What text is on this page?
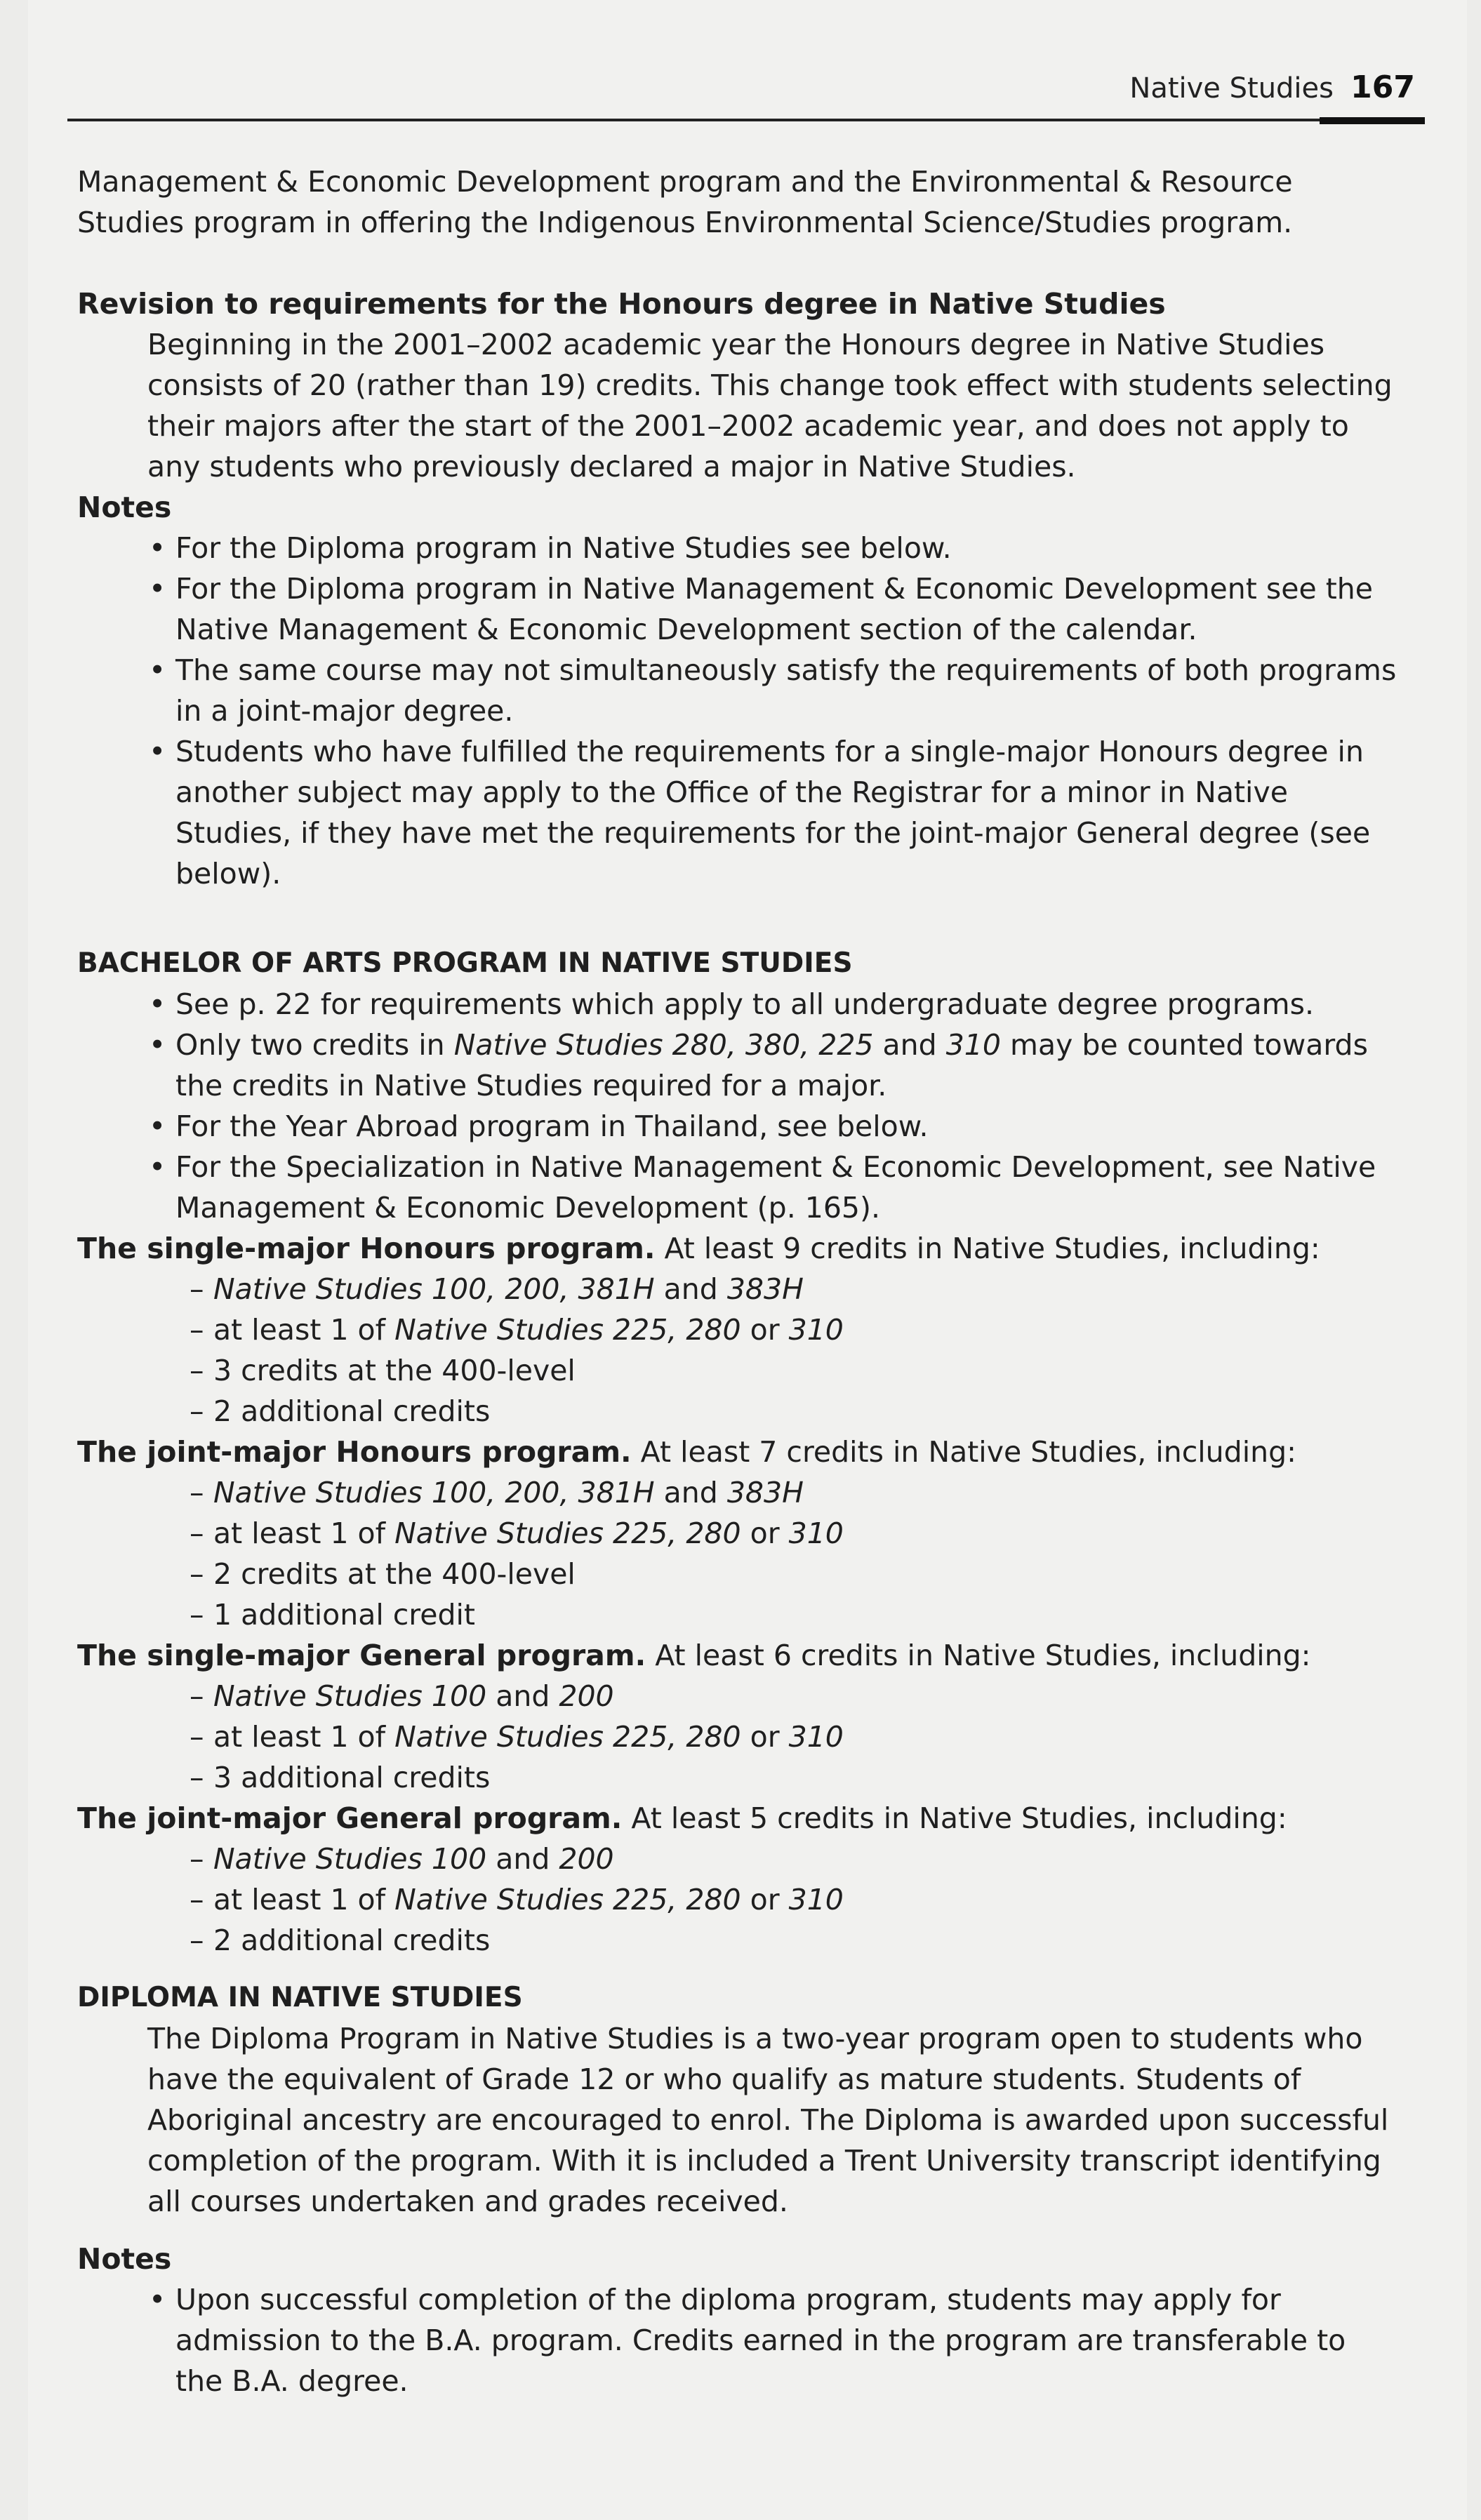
Native Studies 167

Management & Economic Development program and the Environmental & Resource Studies program in offering the Indigenous Environmental Science/Studies program.

Revision to requirements for the Honours degree in Native Studies

Beginning in the 2001–2002 academic year the Honours degree in Native Studies consists of 20 (rather than 19) credits. This change took effect with students selecting their majors after the start of the 2001–2002 academic year, and does not apply to any students who previously declared a major in Native Studies.

Notes

• For the Diploma program in Native Studies see below.
• For the Diploma program in Native Management & Economic Development see the Native Management & Economic Development section of the calendar.
• The same course may not simultaneously satisfy the requirements of both programs in a joint-major degree.
• Students who have fulfilled the requirements for a single-major Honours degree in another subject may apply to the Office of the Registrar for a minor in Native Studies, if they have met the requirements for the joint-major General degree (see below).

BACHELOR OF ARTS PROGRAM IN NATIVE STUDIES

• See p. 22 for requirements which apply to all undergraduate degree programs.
• Only two credits in Native Studies 280, 380, 225 and 310 may be counted towards the credits in Native Studies required for a major.
• For the Year Abroad program in Thailand, see below.
• For the Specialization in Native Management & Economic Development, see Native Management & Economic Development (p. 165).

The single-major Honours program. At least 9 credits in Native Studies, including:

– Native Studies 100, 200, 381H and 383H
– at least 1 of Native Studies 225, 280 or 310
– 3 credits at the 400-level
– 2 additional credits

The joint-major Honours program. At least 7 credits in Native Studies, including:

– Native Studies 100, 200, 381H and 383H
– at least 1 of Native Studies 225, 280 or 310
– 2 credits at the 400-level
– 1 additional credit

The single-major General program. At least 6 credits in Native Studies, including:

– Native Studies 100 and 200
– at least 1 of Native Studies 225, 280 or 310
– 3 additional credits

The joint-major General program. At least 5 credits in Native Studies, including:

– Native Studies 100 and 200
– at least 1 of Native Studies 225, 280 or 310
– 2 additional credits

DIPLOMA IN NATIVE STUDIES

The Diploma Program in Native Studies is a two-year program open to students who have the equivalent of Grade 12 or who qualify as mature students. Students of Aboriginal ancestry are encouraged to enrol. The Diploma is awarded upon successful completion of the program. With it is included a Trent University transcript identifying all courses undertaken and grades received.

Notes

• Upon successful completion of the diploma program, students may apply for admission to the B.A. program. Credits earned in the program are transferable to the B.A. degree.
